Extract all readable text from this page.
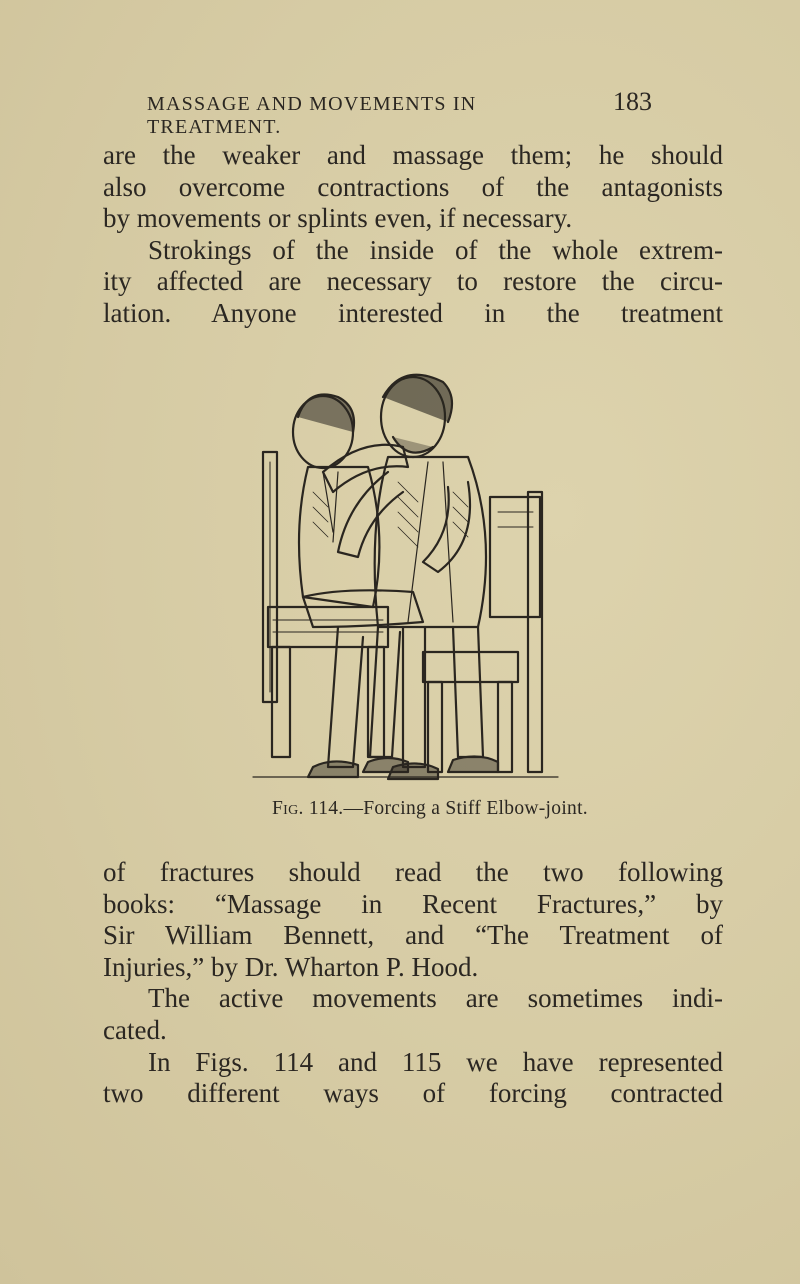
MASSAGE AND MOVEMENTS IN TREATMENT.
183

are the weaker and massage them; he should
also overcome contractions of the antagonists
by movements or splints even, if necessary.
Strokings of the inside of the whole extrem-
ity affected are necessary to restore the circu-
lation. Anyone interested in the treatment

Fig. 114.—Forcing a Stiff Elbow-joint.

of fractures should read the two following
books: “Massage in Recent Fractures,” by
Sir William Bennett, and “The Treatment of
Injuries,” by Dr. Wharton P. Hood.
The active movements are sometimes indi-
cated.
In Figs. 114 and 115 we have represented
two different ways of forcing contracted
